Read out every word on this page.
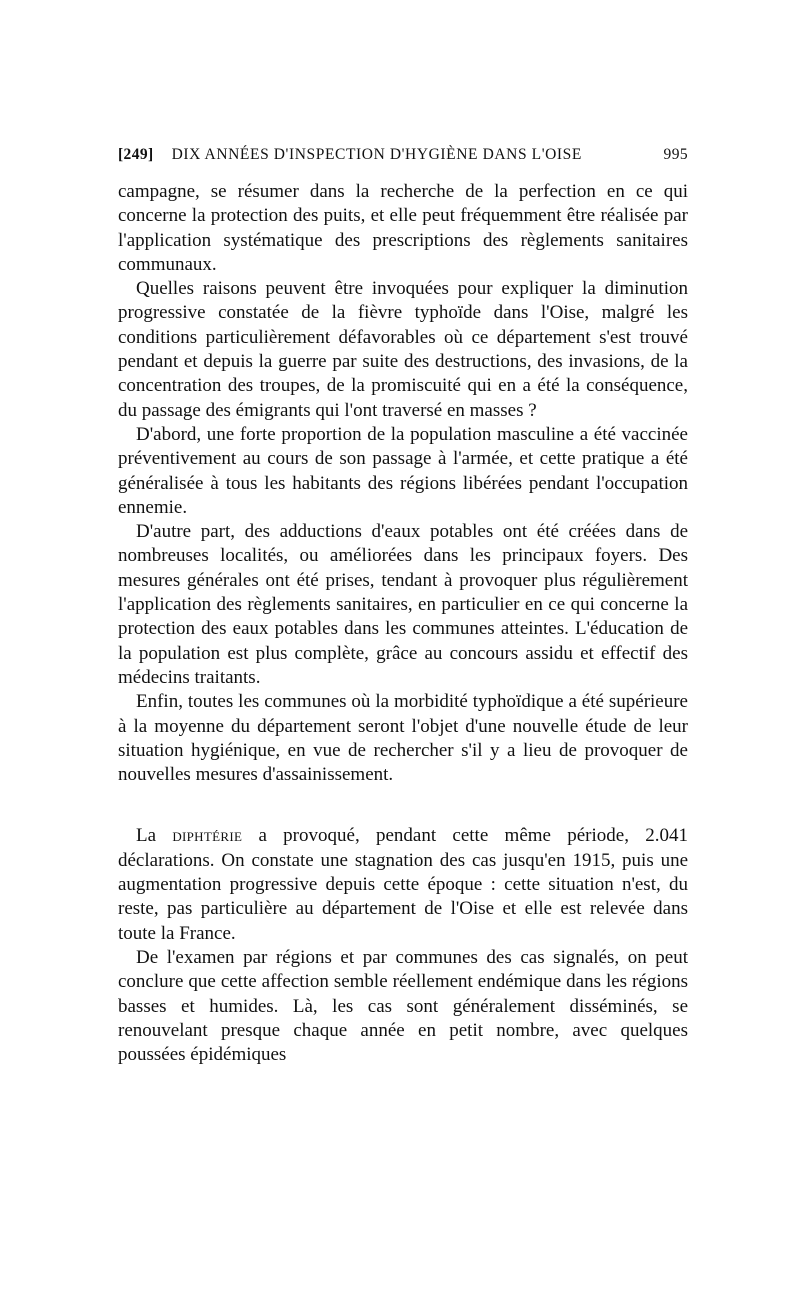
[249] DIX ANNÉES D'INSPECTION D'HYGIÈNE DANS L'OISE	995

campagne, se résumer dans la recherche de la perfection en ce qui concerne la protection des puits, et elle peut fréquemment être réalisée par l'application systématique des prescriptions des règlements sanitaires communaux.

Quelles raisons peuvent être invoquées pour expliquer la diminution progressive constatée de la fièvre typhoïde dans l'Oise, malgré les conditions particulièrement défavorables où ce département s'est trouvé pendant et depuis la guerre par suite des destructions, des invasions, de la concentration des troupes, de la promiscuité qui en a été la conséquence, du passage des émigrants qui l'ont traversé en masses ?

D'abord, une forte proportion de la population masculine a été vaccinée préventivement au cours de son passage à l'armée, et cette pratique a été généralisée à tous les habitants des régions libérées pendant l'occupation ennemie.

D'autre part, des adductions d'eaux potables ont été créées dans de nombreuses localités, ou améliorées dans les principaux foyers. Des mesures générales ont été prises, tendant à provoquer plus régulièrement l'application des règlements sanitaires, en particulier en ce qui concerne la protection des eaux potables dans les communes atteintes. L'éducation de la population est plus complète, grâce au concours assidu et effectif des médecins traitants.

Enfin, toutes les communes où la morbidité typhoïdique a été supérieure à la moyenne du département seront l'objet d'une nouvelle étude de leur situation hygiénique, en vue de rechercher s'il y a lieu de provoquer de nouvelles mesures d'assainissement.

La diphtérie a provoqué, pendant cette même période, 2.041 déclarations. On constate une stagnation des cas jusqu'en 1915, puis une augmentation progressive depuis cette époque : cette situation n'est, du reste, pas particulière au département de l'Oise et elle est relevée dans toute la France.

De l'examen par régions et par communes des cas signalés, on peut conclure que cette affection semble réellement endémique dans les régions basses et humides. Là, les cas sont généralement disséminés, se renouvelant presque chaque année en petit nombre, avec quelques poussées épidémiques
